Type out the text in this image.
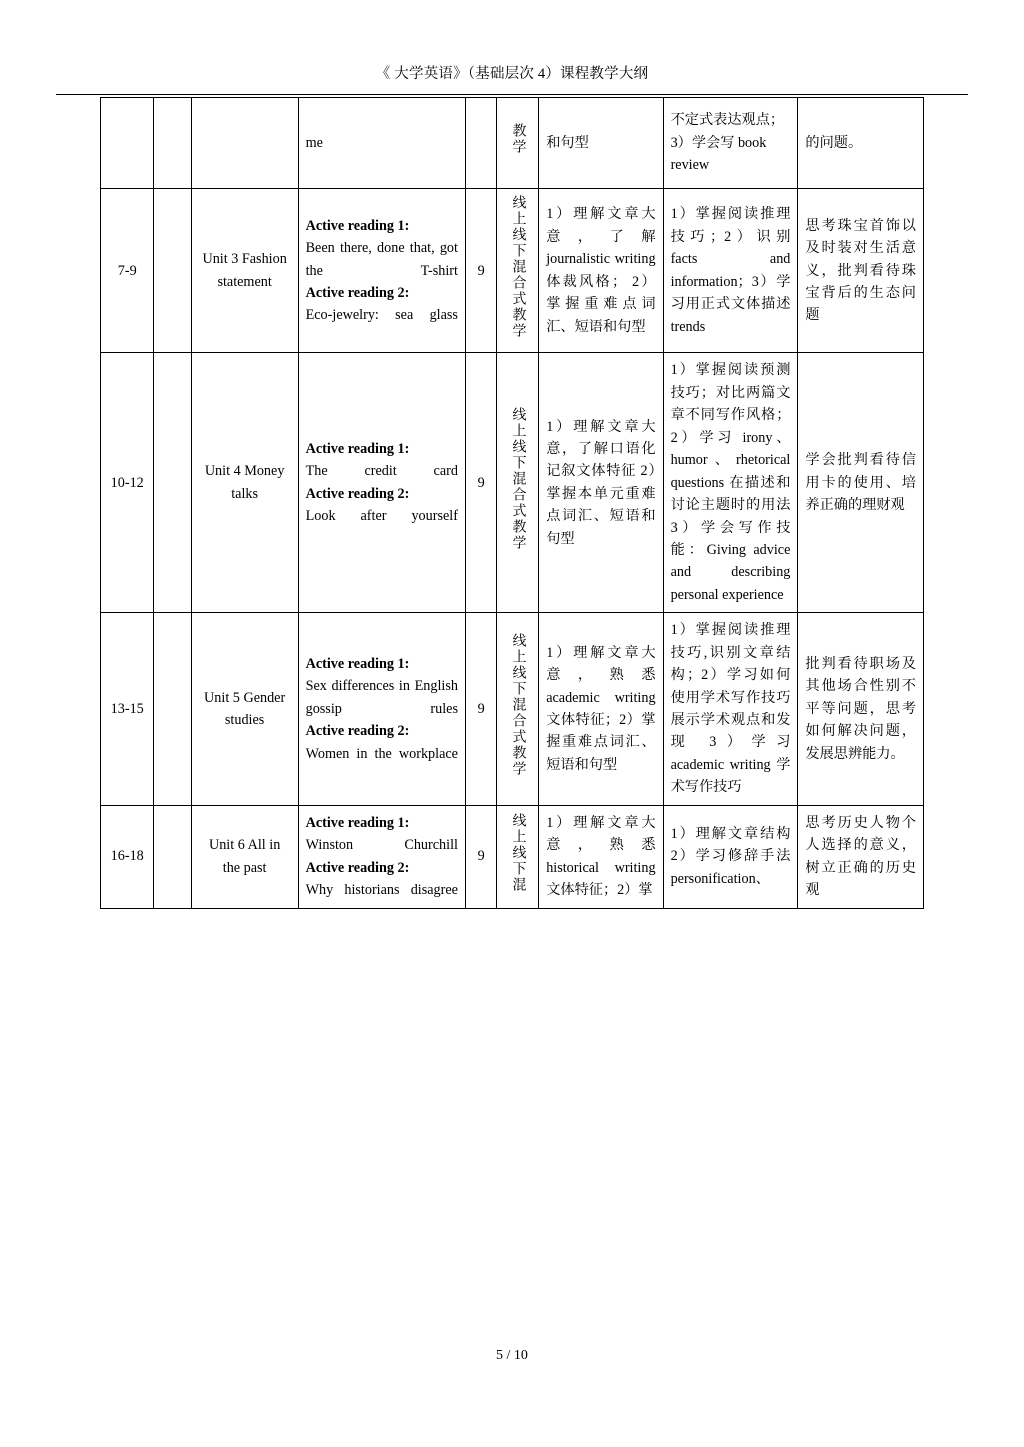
《 大学英语》（基础层次 4）课程教学大纲
			me		教学	和句型	不定式表达观点；3）学会写 book review	的问题。
7-9		Unit 3 Fashion statement	Active reading 1:
Been there, done that, got the T-shirt
Active reading 2:
Eco-jewelry: sea glass	9	线上线下混合式教学	1）理解文章大意，了解 journalistic writing 体裁风格； 2）掌握重难点词汇、短语和句型	1）掌握阅读推理技巧；2）识别 facts and information；3）学习用正式文体描述 trends	思考珠宝首饰以及时装对生活意义，批判看待珠宝背后的生态问题
10-12		Unit 4 Money talks	Active reading 1:
The credit card
Active reading 2:
Look after yourself	9	线上线下混合式教学	1）理解文章大意，了解口语化记叙文体特征 2）掌握本单元重难点词汇、短语和句型	1）掌握阅读预测技巧；对比两篇文章不同写作风格；2）学习 irony、humor、rhetorical questions 在描述和讨论主题时的用法 3）学会写作技能：Giving advice and describing personal experience	学会批判看待信用卡的使用、培养正确的理财观
13-15		Unit 5 Gender studies	Active reading 1:
Sex differences in English gossip rules
Active reading 2:
Women in the workplace	9	线上线下混合式教学	1）理解文章大意，熟悉 academic writing 文体特征；2）掌握重难点词汇、短语和句型	1）掌握阅读推理技巧,识别文章结构；2）学习如何使用学术写作技巧展示学术观点和发现 3）学习 academic writing 学术写作技巧	批判看待职场及其他场合性别不平等问题，思考如何解决问题，发展思辨能力。
16-18		Unit 6 All in the past	Active reading 1:
Winston Churchill
Active reading 2:
Why historians disagree	9	线上线下混	1）理解文章大意，熟悉 historical writing 文体特征；2）掌	1）理解文章结构 2）学习修辞手法 personification、	思考历史人物个人选择的意义，树立正确的历史观
5 / 10
